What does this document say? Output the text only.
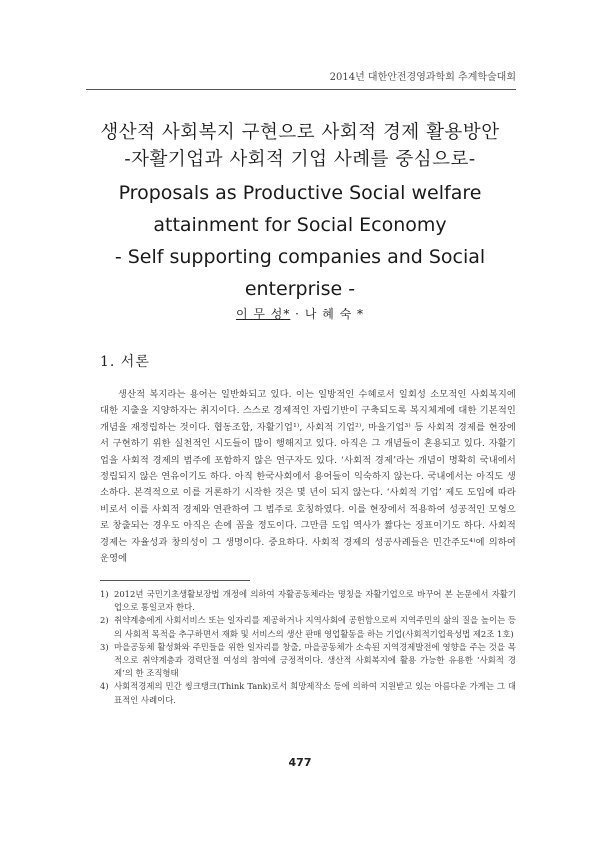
2014년 대한안전경영과학회 추계학술대회
생산적 사회복지 구현으로 사회적 경제 활용방안
-자활기업과 사회적 기업 사례를 중심으로-
Proposals as Productive Social welfare
attainment for Social Economy
- Self supporting companies and Social
enterprise -
이 무 성* · 나 혜 숙 *
1. 서론
생산적 복지라는 용어는 일반화되고 있다. 이는 일방적인 수혜로서 일회성 소모적인 사회복지에 대한 지출을 지양하자는 취지이다. 스스로 경제적인 자립기반이 구축되도록 복지체계에 대한 기본적인 개념을 재정립하는 것이다. 협동조합, 자활기업¹⁾, 사회적 기업²⁾, 마을기업³⁾ 등 사회적 경제를 현장에서 구현하기 위한 실천적인 시도들이 많이 행해지고 있다. 아직은 그 개념들이 혼용되고 있다. 자활기업을 사회적 경제의 범주에 포함하지 않은 연구자도 있다. ‘사회적 경제’라는 개념이 명확히 국내에서 정립되지 않은 연유이기도 하다. 아직 한국사회에서 용어들이 익숙하지 않는다. 국내에서는 아직도 생소하다. 본격적으로 이를 거론하기 시작한 것은 몇 년이 되지 않는다. ‘사회적 기업’ 제도 도입에 따라 비로서 이를 사회적 경제와 연관하여 그 범주로 호칭하였다. 이를 현장에서 적용하여 성공적인 모형으로 창출되는 경우도 아직은 손에 꼽을 정도이다. 그만큼 도입 역사가 짧다는 징표이기도 하다. 사회적 경제는 자율성과 창의성이 그 생명이다. 중요하다. 사회적 경제의 성공사례들은 민간주도⁴⁾에 의하여 운영에
1) 2012년 국민기초생활보장법 개정에 의하여 자활공동체라는 명칭을 자활기업으로 바꾸어 본 논문에서 자활기업으로 통일코자 한다.
2) 취약계층에게 사회서비스 또는 일자리를 제공하거나 지역사회에 공헌함으로써 지역주민의 삶의 질을 높이는 등의 사회적 목적을 추구하면서 재화 및 서비스의 생산 판매 영업활동을 하는 기업(사회적기업육성법 제2조 1호)
3) 마을공동체 활성화와 주민들을 위한 일자리를 창출, 마을공동체가 소속된 지역경제발전에 영향을 주는 것을 목적으로 취약계층과 경력단절 여성의 참여에 긍정적이다. 생산적 사회복지에 활용 가능한 유용한 ‘사회적 경제’의 한 조직형태
4) 사회적경제의 민간 씽크탱크(Think Tank)로서 희망제작소 등에 의하여 지원받고 있는 아름다운 가게는 그 대표적인 사례이다.
477
